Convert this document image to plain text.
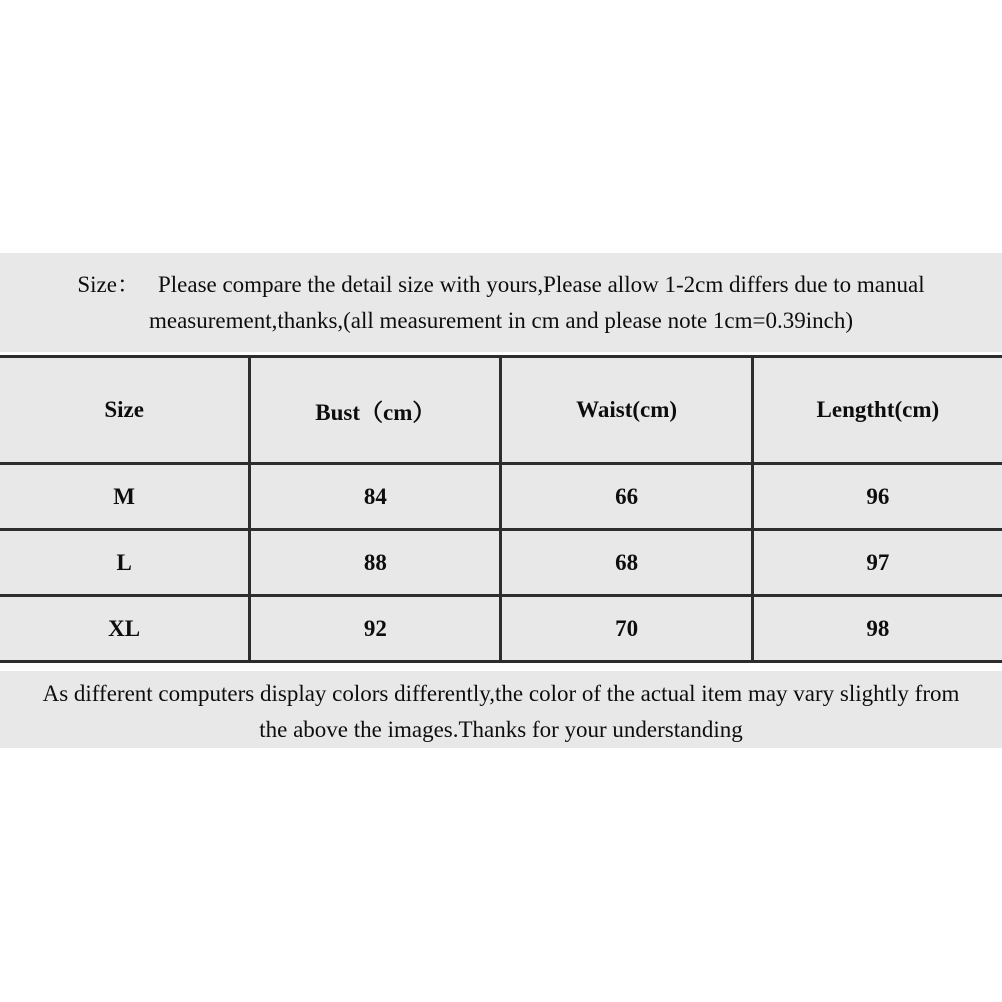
Size： Please compare the detail size with yours,Please allow 1-2cm differs due to manual

measurement,thanks,(all measurement in cm and please note 1cm=0.39inch)

Size	Bust（cm）	Waist(cm)	Lengtht(cm)
M	84	66	96
L	88	68	97
XL	92	70	98

As different computers display colors differently,the color of the actual item may vary slightly from

the above the images.Thanks for your understanding
